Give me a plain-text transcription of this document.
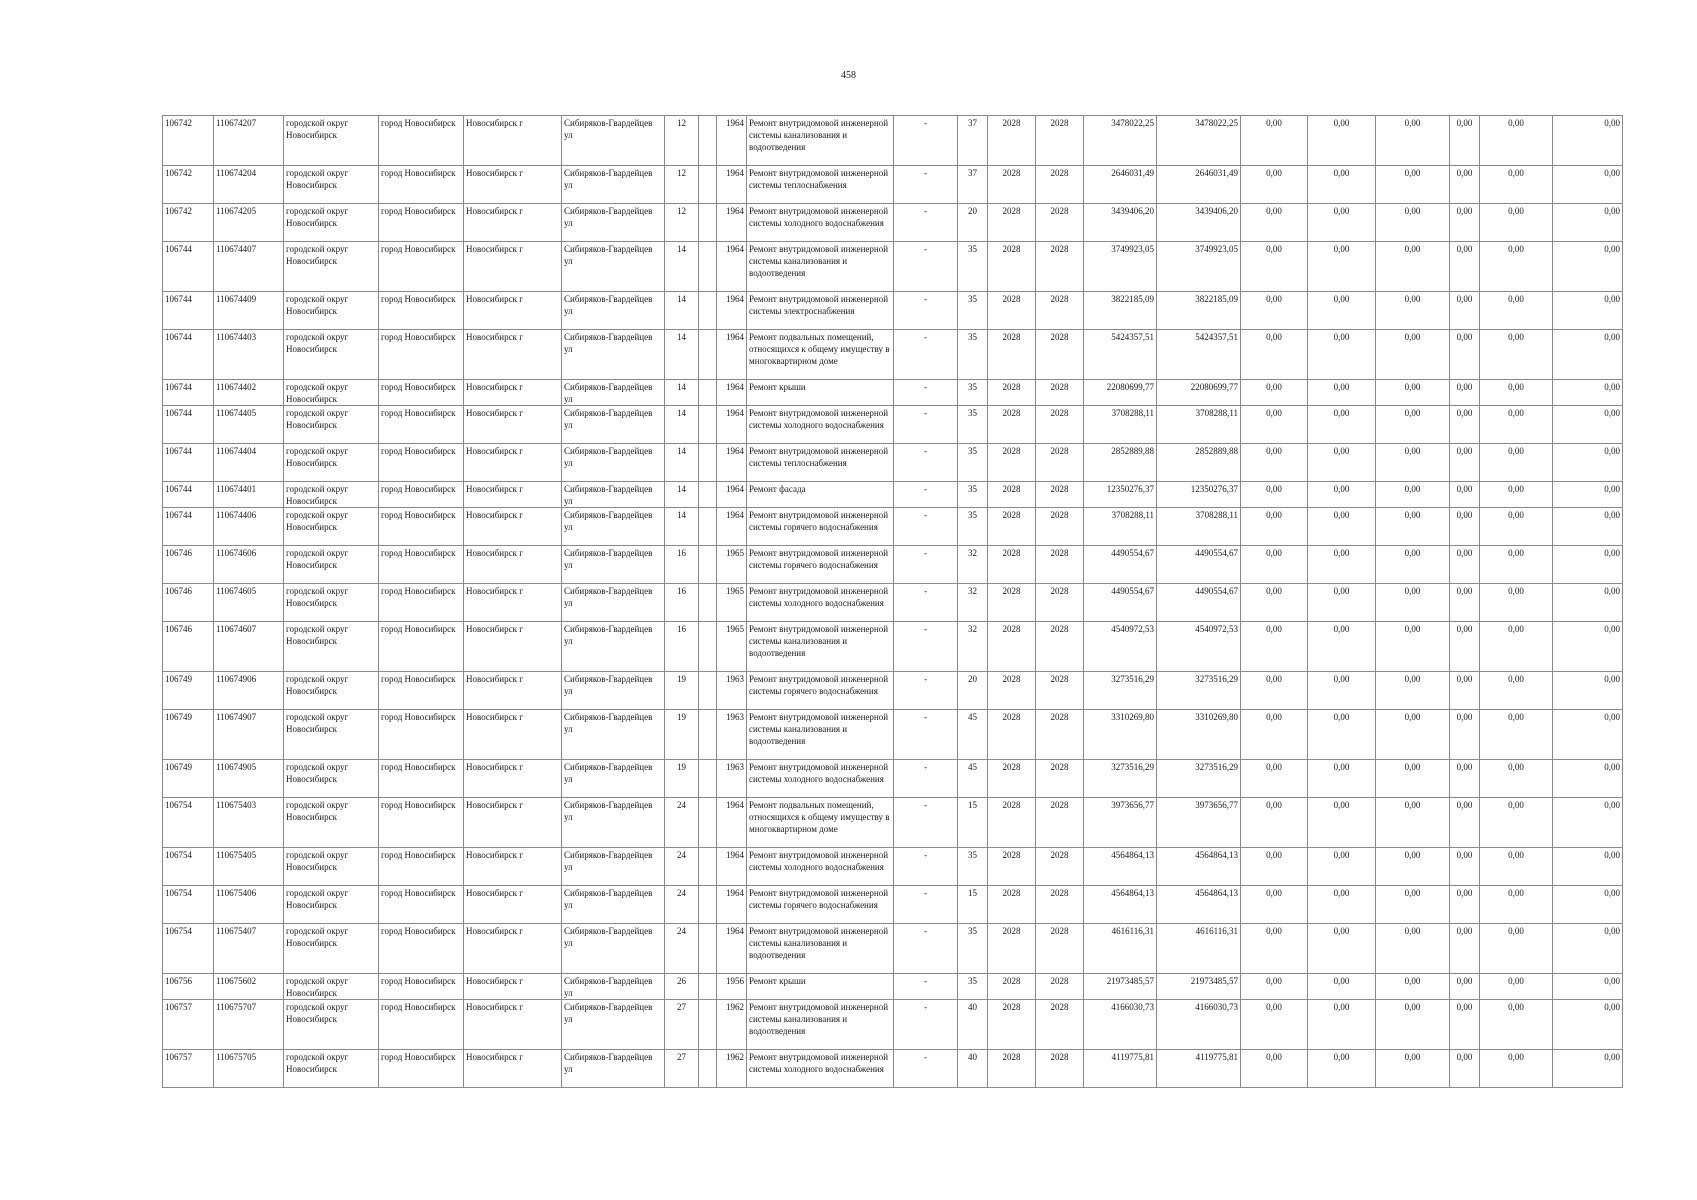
458
106742	110674207	городской округ Новосибирск	город Новосибирск	Новосибирск г	Сибиряков-Гвардейцев ул	12		1964	Ремонт внутридомовой инженерной системы канализования и водоотведения	-	37	2028	2028	3478022,25	3478022,25	0,00	0,00	0,00	0,00	0,00	0,00
106742	110674204	городской округ Новосибирск	город Новосибирск	Новосибирск г	Сибиряков-Гвардейцев ул	12		1964	Ремонт внутридомовой инженерной системы теплоснабжения	-	37	2028	2028	2646031,49	2646031,49	0,00	0,00	0,00	0,00	0,00	0,00
106742	110674205	городской округ Новосибирск	город Новосибирск	Новосибирск г	Сибиряков-Гвардейцев ул	12		1964	Ремонт внутридомовой инженерной системы холодного водоснабжения	-	20	2028	2028	3439406,20	3439406,20	0,00	0,00	0,00	0,00	0,00	0,00
106744	110674407	городской округ Новосибирск	город Новосибирск	Новосибирск г	Сибиряков-Гвардейцев ул	14		1964	Ремонт внутридомовой инженерной системы канализования и водоотведения	-	35	2028	2028	3749923,05	3749923,05	0,00	0,00	0,00	0,00	0,00	0,00
106744	110674409	городской округ Новосибирск	город Новосибирск	Новосибирск г	Сибиряков-Гвардейцев ул	14		1964	Ремонт внутридомовой инженерной системы электроснабжения	-	35	2028	2028	3822185,09	3822185,09	0,00	0,00	0,00	0,00	0,00	0,00
106744	110674403	городской округ Новосибирск	город Новосибирск	Новосибирск г	Сибиряков-Гвардейцев ул	14		1964	Ремонт подвальных помещений, относящихся к общему имуществу в многоквартирном доме	-	35	2028	2028	5424357,51	5424357,51	0,00	0,00	0,00	0,00	0,00	0,00
106744	110674402	городской округ Новосибирск	город Новосибирск	Новосибирск г	Сибиряков-Гвардейцев ул	14		1964	Ремонт крыши	-	35	2028	2028	22080699,77	22080699,77	0,00	0,00	0,00	0,00	0,00	0,00
106744	110674405	городской округ Новосибирск	город Новосибирск	Новосибирск г	Сибиряков-Гвардейцев ул	14		1964	Ремонт внутридомовой инженерной системы холодного водоснабжения	-	35	2028	2028	3708288,11	3708288,11	0,00	0,00	0,00	0,00	0,00	0,00
106744	110674404	городской округ Новосибирск	город Новосибирск	Новосибирск г	Сибиряков-Гвардейцев ул	14		1964	Ремонт внутридомовой инженерной системы теплоснабжения	-	35	2028	2028	2852889,88	2852889,88	0,00	0,00	0,00	0,00	0,00	0,00
106744	110674401	городской округ Новосибирск	город Новосибирск	Новосибирск г	Сибиряков-Гвардейцев ул	14		1964	Ремонт фасада	-	35	2028	2028	12350276,37	12350276,37	0,00	0,00	0,00	0,00	0,00	0,00
106744	110674406	городской округ Новосибирск	город Новосибирск	Новосибирск г	Сибиряков-Гвардейцев ул	14		1964	Ремонт внутридомовой инженерной системы горячего водоснабжения	-	35	2028	2028	3708288,11	3708288,11	0,00	0,00	0,00	0,00	0,00	0,00
106746	110674606	городской округ Новосибирск	город Новосибирск	Новосибирск г	Сибиряков-Гвардейцев ул	16		1965	Ремонт внутридомовой инженерной системы горячего водоснабжения	-	32	2028	2028	4490554,67	4490554,67	0,00	0,00	0,00	0,00	0,00	0,00
106746	110674605	городской округ Новосибирск	город Новосибирск	Новосибирск г	Сибиряков-Гвардейцев ул	16		1965	Ремонт внутридомовой инженерной системы холодного водоснабжения	-	32	2028	2028	4490554,67	4490554,67	0,00	0,00	0,00	0,00	0,00	0,00
106746	110674607	городской округ Новосибирск	город Новосибирск	Новосибирск г	Сибиряков-Гвардейцев ул	16		1965	Ремонт внутридомовой инженерной системы канализования и водоотведения	-	32	2028	2028	4540972,53	4540972,53	0,00	0,00	0,00	0,00	0,00	0,00
106749	110674906	городской округ Новосибирск	город Новосибирск	Новосибирск г	Сибиряков-Гвардейцев ул	19		1963	Ремонт внутридомовой инженерной системы горячего водоснабжения	-	20	2028	2028	3273516,29	3273516,29	0,00	0,00	0,00	0,00	0,00	0,00
106749	110674907	городской округ Новосибирск	город Новосибирск	Новосибирск г	Сибиряков-Гвардейцев ул	19		1963	Ремонт внутридомовой инженерной системы канализования и водоотведения	-	45	2028	2028	3310269,80	3310269,80	0,00	0,00	0,00	0,00	0,00	0,00
106749	110674905	городской округ Новосибирск	город Новосибирск	Новосибирск г	Сибиряков-Гвардейцев ул	19		1963	Ремонт внутридомовой инженерной системы холодного водоснабжения	-	45	2028	2028	3273516,29	3273516,29	0,00	0,00	0,00	0,00	0,00	0,00
106754	110675403	городской округ Новосибирск	город Новосибирск	Новосибирск г	Сибиряков-Гвардейцев ул	24		1964	Ремонт подвальных помещений, относящихся к общему имуществу в многоквартирном доме	-	15	2028	2028	3973656,77	3973656,77	0,00	0,00	0,00	0,00	0,00	0,00
106754	110675405	городской округ Новосибирск	город Новосибирск	Новосибирск г	Сибиряков-Гвардейцев ул	24		1964	Ремонт внутридомовой инженерной системы холодного водоснабжения	-	35	2028	2028	4564864,13	4564864,13	0,00	0,00	0,00	0,00	0,00	0,00
106754	110675406	городской округ Новосибирск	город Новосибирск	Новосибирск г	Сибиряков-Гвардейцев ул	24		1964	Ремонт внутридомовой инженерной системы горячего водоснабжения	-	15	2028	2028	4564864,13	4564864,13	0,00	0,00	0,00	0,00	0,00	0,00
106754	110675407	городской округ Новосибирск	город Новосибирск	Новосибирск г	Сибиряков-Гвардейцев ул	24		1964	Ремонт внутридомовой инженерной системы канализования и водоотведения	-	35	2028	2028	4616116,31	4616116,31	0,00	0,00	0,00	0,00	0,00	0,00
106756	110675602	городской округ Новосибирск	город Новосибирск	Новосибирск г	Сибиряков-Гвардейцев ул	26		1956	Ремонт крыши	-	35	2028	2028	21973485,57	21973485,57	0,00	0,00	0,00	0,00	0,00	0,00
106757	110675707	городской округ Новосибирск	город Новосибирск	Новосибирск г	Сибиряков-Гвардейцев ул	27		1962	Ремонт внутридомовой инженерной системы канализования и водоотведения	-	40	2028	2028	4166030,73	4166030,73	0,00	0,00	0,00	0,00	0,00	0,00
106757	110675705	городской округ Новосибирск	город Новосибирск	Новосибирск г	Сибиряков-Гвардейцев ул	27		1962	Ремонт внутридомовой инженерной системы холодного водоснабжения	-	40	2028	2028	4119775,81	4119775,81	0,00	0,00	0,00	0,00	0,00	0,00
